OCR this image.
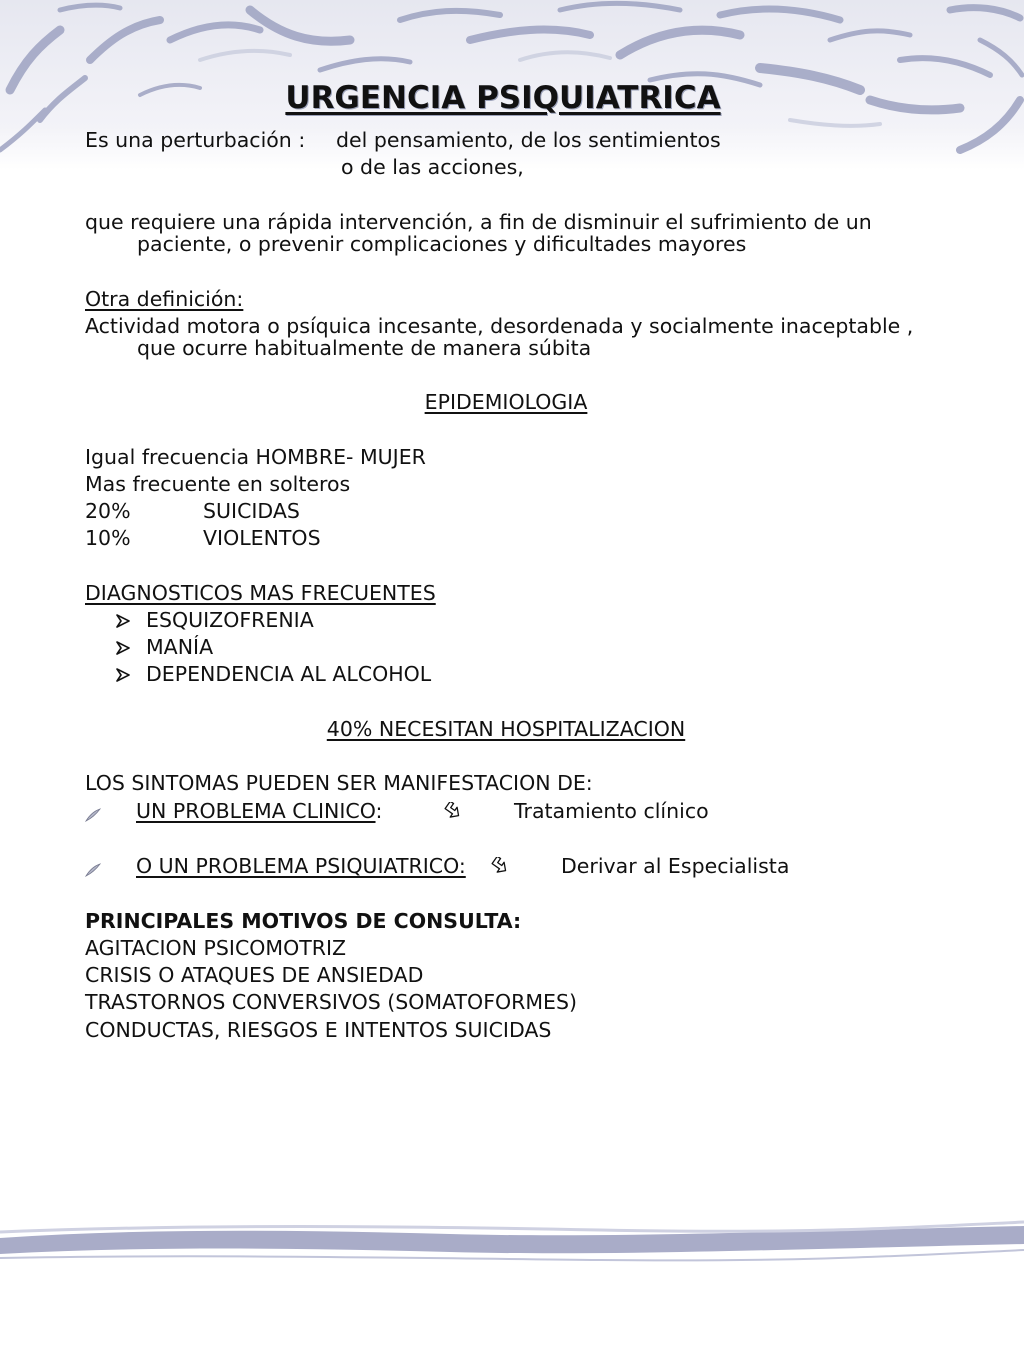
URGENCIA PSIQUIATRICA

Es una perturbación : del pensamiento, de los sentimientos

o de las acciones,

que requiere una rápida intervención, a fin de disminuir el sufrimiento de un

paciente, o prevenir complicaciones y dificultades mayores

Otra definición:

Actividad motora o psíquica incesante, desordenada y socialmente inaceptable ,

que ocurre habitualmente de manera súbita

EPIDEMIOLOGIA

Igual frecuencia HOMBRE- MUJER

Mas frecuente en solteros

20%	SUICIDAS

10%	VIOLENTOS

DIAGNOSTICOS MAS FRECUENTES

ESQUIZOFRENIA

MANÍA

DEPENDENCIA AL ALCOHOL

40% NECESITAN HOSPITALIZACION

LOS SINTOMAS PUEDEN SER MANIFESTACION DE:

UN PROBLEMA CLINICO:	Tratamiento clínico

O UN PROBLEMA PSIQUIATRICO:	Derivar al Especialista

PRINCIPALES MOTIVOS DE CONSULTA:

AGITACION PSICOMOTRIZ

CRISIS O ATAQUES DE ANSIEDAD

TRASTORNOS CONVERSIVOS (SOMATOFORMES)

CONDUCTAS, RIESGOS E INTENTOS SUICIDAS
